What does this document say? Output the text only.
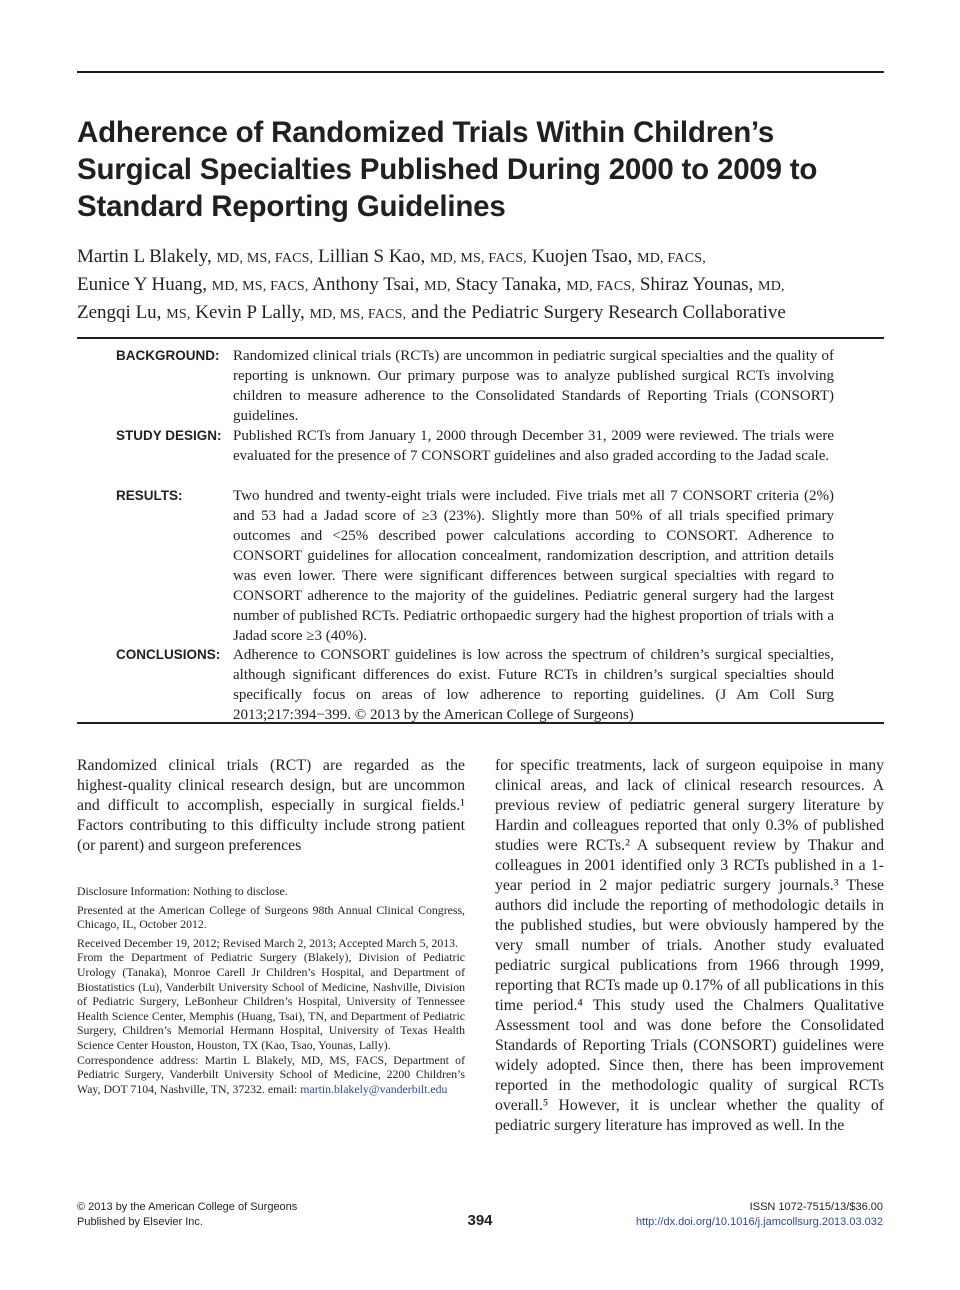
Adherence of Randomized Trials Within Children’s Surgical Specialties Published During 2000 to 2009 to Standard Reporting Guidelines

Martin L Blakely, MD, MS, FACS, Lillian S Kao, MD, MS, FACS, Kuojen Tsao, MD, FACS,
Eunice Y Huang, MD, MS, FACS, Anthony Tsai, MD, Stacy Tanaka, MD, FACS, Shiraz Younas, MD,
Zengqi Lu, MS, Kevin P Lally, MD, MS, FACS, and the Pediatric Surgery Research Collaborative

BACKGROUND: Randomized clinical trials (RCTs) are uncommon in pediatric surgical specialties and the quality of reporting is unknown. Our primary purpose was to analyze published surgical RCTs involving children to measure adherence to the Consolidated Standards of Reporting Trials (CONSORT) guidelines.

STUDY DESIGN: Published RCTs from January 1, 2000 through December 31, 2009 were reviewed. The trials were evaluated for the presence of 7 CONSORT guidelines and also graded according to the Jadad scale.

RESULTS:	Two hundred and twenty-eight trials were included. Five trials met all 7 CONSORT criteria (2%) and 53 had a Jadad score of ≥3 (23%). Slightly more than 50% of all trials specified primary outcomes and <25% described power calculations according to CONSORT. Adherence to CONSORT guidelines for allocation concealment, randomization description, and attrition details was even lower. There were significant differences between surgical specialties with regard to CONSORT adherence to the majority of the guidelines. Pediatric general surgery had the largest number of published RCTs. Pediatric orthopaedic surgery had the highest proportion of trials with a Jadad score ≥3 (40%).

CONCLUSIONS: Adherence to CONSORT guidelines is low across the spectrum of children’s surgical specialties, although significant differences do exist. Future RCTs in children’s surgical specialties should specifically focus on areas of low adherence to reporting guidelines. (J Am Coll Surg 2013;217:394−399. © 2013 by the American College of Surgeons)

Randomized clinical trials (RCT) are regarded as the highest-quality clinical research design, but are uncommon and difficult to accomplish, especially in surgical fields.¹ Factors contributing to this difficulty include strong patient (or parent) and surgeon preferences

Disclosure Information: Nothing to disclose.

Presented at the American College of Surgeons 98th Annual Clinical Congress, Chicago, IL, October 2012.

Received December 19, 2012; Revised March 2, 2013; Accepted March 5, 2013.

From the Department of Pediatric Surgery (Blakely), Division of Pediatric Urology (Tanaka), Monroe Carell Jr Children’s Hospital, and Department of Biostatistics (Lu), Vanderbilt University School of Medicine, Nashville, Division of Pediatric Surgery, LeBonheur Children’s Hospital, University of Tennessee Health Science Center, Memphis (Huang, Tsai), TN, and Department of Pediatric Surgery, Children’s Memorial Hermann Hospital, University of Texas Health Science Center Houston, Houston, TX (Kao, Tsao, Younas, Lally).

Correspondence address: Martin L Blakely, MD, MS, FACS, Department of Pediatric Surgery, Vanderbilt University School of Medicine, 2200 Children’s Way, DOT 7104, Nashville, TN, 37232. email: martin.blakely@vanderbilt.edu

for specific treatments, lack of surgeon equipoise in many clinical areas, and lack of clinical research resources. A previous review of pediatric general surgery literature by Hardin and colleagues reported that only 0.3% of published studies were RCTs.² A subsequent review by Thakur and colleagues in 2001 identified only 3 RCTs published in a 1-year period in 2 major pediatric surgery journals.³ These authors did include the reporting of methodologic details in the published studies, but were obviously hampered by the very small number of trials. Another study evaluated pediatric surgical publications from 1966 through 1999, reporting that RCTs made up 0.17% of all publications in this time period.⁴ This study used the Chalmers Qualitative Assessment tool and was done before the Consolidated Standards of Reporting Trials (CONSORT) guidelines were widely adopted. Since then, there has been improvement reported in the methodologic quality of surgical RCTs overall.⁵ However, it is unclear whether the quality of pediatric surgery literature has improved as well. In the

© 2013 by the American College of Surgeons
Published by Elsevier Inc.	394
ISSN 1072-7515/13/$36.00
http://dx.doi.org/10.1016/j.jamcollsurg.2013.03.032
